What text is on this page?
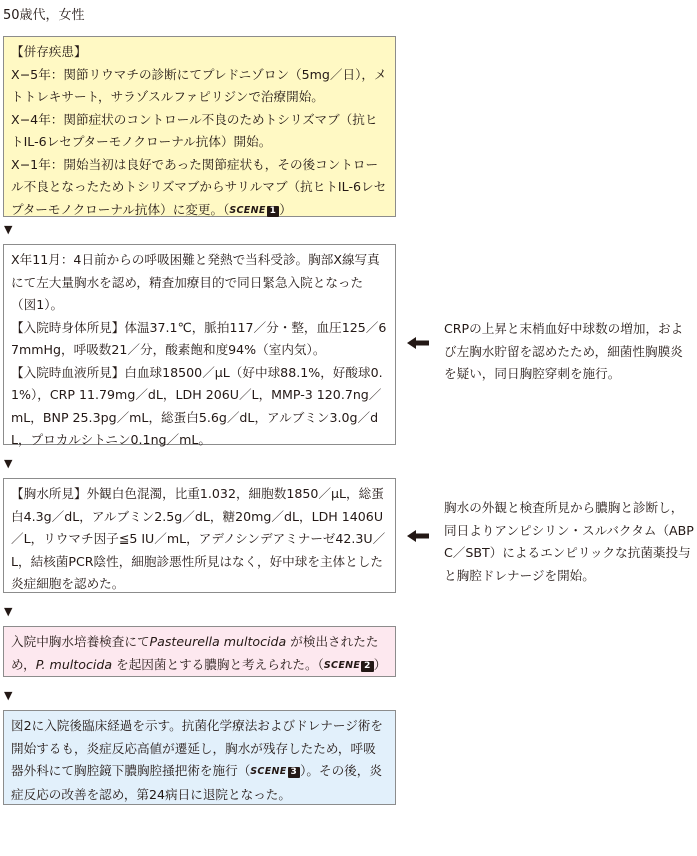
50歳代，女性

【併存疾患】

X−5年：関節リウマチの診断にてプレドニゾロン（5mg／日），メトトレキサート，サラゾスルファピリジンで治療開始。

X−4年：関節症状のコントロール不良のためトシリズマブ（抗ヒトIL-6レセプターモノクローナル抗体）開始。

X−1年：開始当初は良好であった関節症状も，その後コントロール不良となったためトシリズマブからサリルマブ（抗ヒトIL-6レセプターモノクローナル抗体）に変更。（SCENE 1 ）

▼

X年11月：4日前からの呼吸困難と発熱で当科受診。胸部X線写真にて左大量胸水を認め，精査加療目的で同日緊急入院となった（図1）。

【入院時身体所見】体温37.1℃，脈拍117／分・整，血圧125／67mmHg，呼吸数21／分，酸素飽和度94%（室内気）。

【入院時血液所見】白血球18500／μL（好中球88.1%，好酸球0.1%），CRP 11.79mg／dL，LDH 206U／L，MMP-3 120.7ng／mL，BNP 25.3pg／mL，総蛋白5.6g／dL，アルブミン3.0g／dL，プロカルシトニン0.1ng／mL。

CRPの上昇と末梢血好中球数の増加，および左胸水貯留を認めたため，細菌性胸膜炎を疑い，同日胸腔穿刺を施行。
▼

【胸水所見】外観白色混濁，比重1.032，細胞数1850／μL，総蛋白4.3g／dL，アルブミン2.5g／dL，糖20mg／dL，LDH 1406U／L，リウマチ因子≦5 IU／mL，アデノシンデアミナーゼ42.3U／L，結核菌PCR陰性，細胞診悪性所見はなく，好中球を主体とした炎症細胞を認めた。

胸水の外観と検査所見から膿胸と診断し，同日よりアンピシリン・スルバクタム（ABPC／SBT）によるエンピリックな抗菌薬投与と胸腔ドレナージを開始。
▼

入院中胸水培養検査にてPasteurella multocida が検出されたため，P. multocida を起因菌とする膿胸と考えられた。（SCENE 2 ）

▼

図2に入院後臨床経過を示す。抗菌化学療法およびドレナージ術を開始するも，炎症反応高値が遷延し，胸水が残存したため，呼吸器外科にて胸腔鏡下膿胸腔掻把術を施行（SCENE 3 ）。その後，炎症反応の改善を認め，第24病日に退院となった。
